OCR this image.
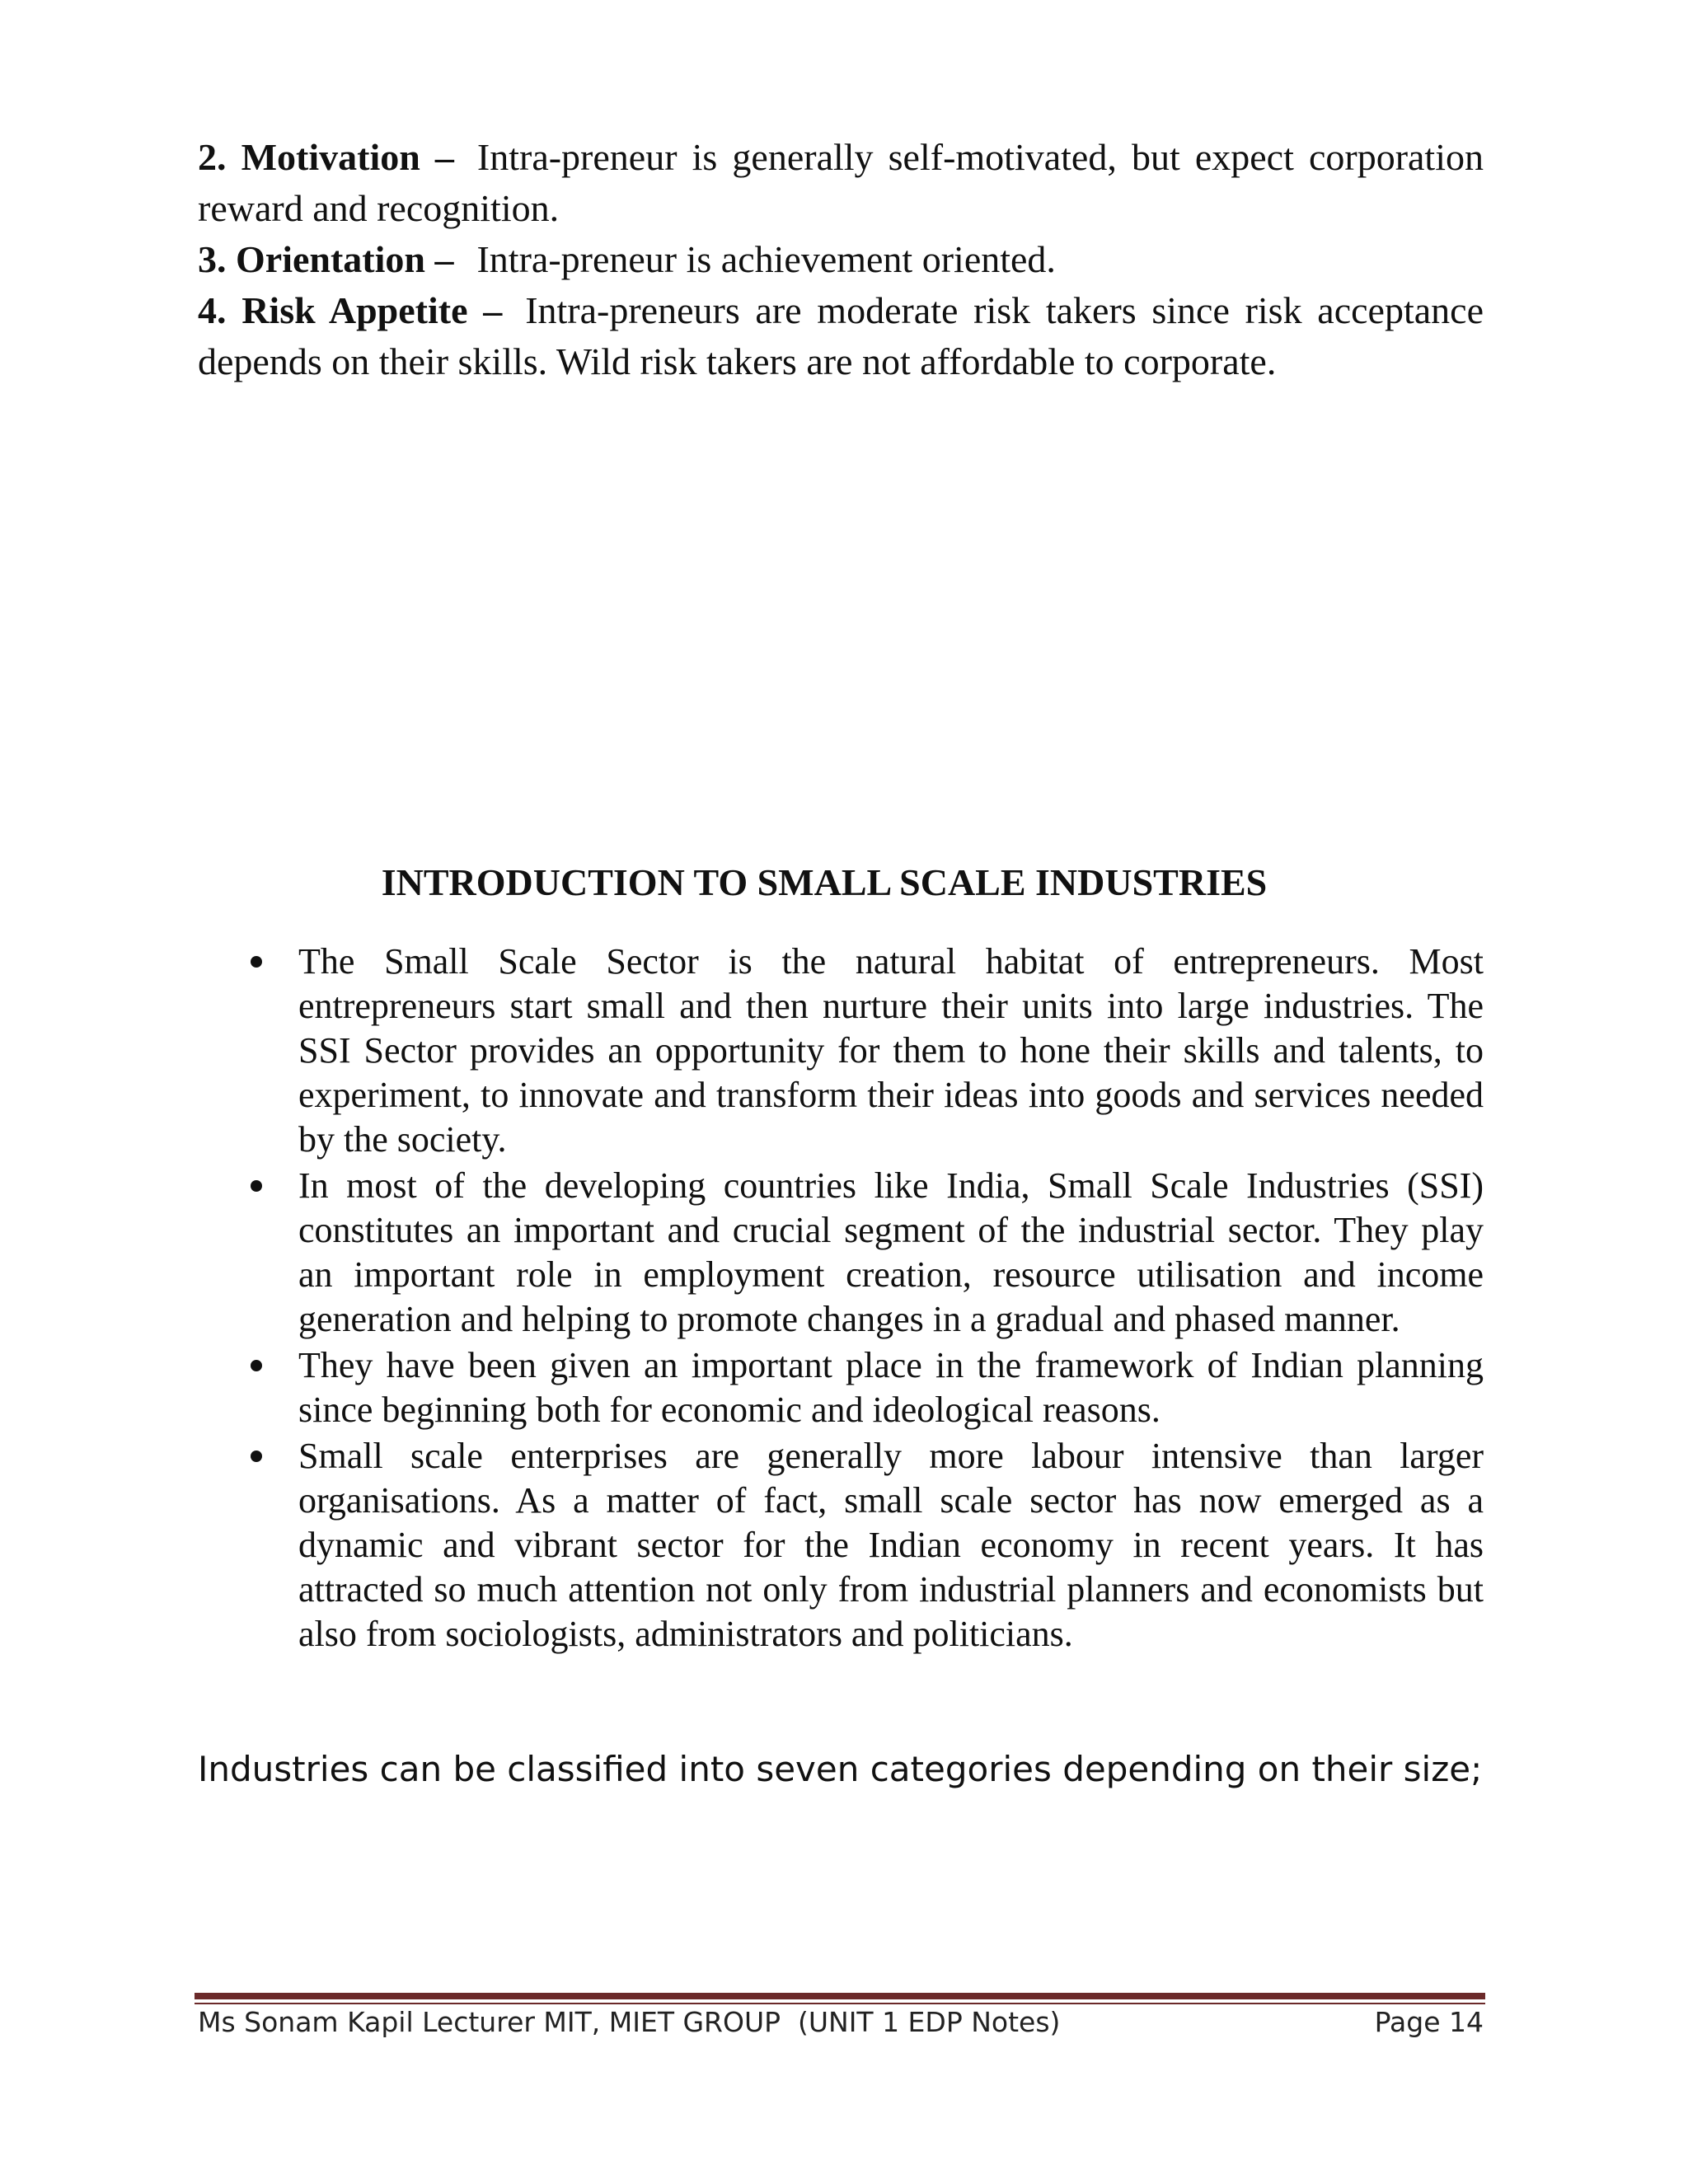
2. Motivation – Intra-preneur is generally self-motivated, but expect corporation reward and recognition.
3. Orientation – Intra-preneur is achievement oriented.
4. Risk Appetite – Intra-preneurs are moderate risk takers since risk acceptance depends on their skills. Wild risk takers are not affordable to corporate.
INTRODUCTION TO SMALL SCALE INDUSTRIES
The Small Scale Sector is the natural habitat of entrepreneurs. Most entrepreneurs start small and then nurture their units into large industries. The SSI Sector provides an opportunity for them to hone their skills and talents, to experiment, to innovate and transform their ideas into goods and services needed by the society.
In most of the developing countries like India, Small Scale Industries (SSI) constitutes an important and crucial segment of the industrial sector. They play an important role in employment creation, resource utilisation and income generation and helping to promote changes in a gradual and phased manner.
They have been given an important place in the framework of Indian planning since beginning both for economic and ideological reasons.
Small scale enterprises are generally more labour intensive than larger organisations. As a matter of fact, small scale sector has now emerged as a dynamic and vibrant sector for the Indian economy in recent years. It has attracted so much attention not only from industrial planners and economists but also from sociologists, administrators and politicians.
Industries can be classified into seven categories depending on their size;
Ms Sonam Kapil Lecturer MIT, MIET GROUP  (UNIT 1 EDP Notes)	Page 14
